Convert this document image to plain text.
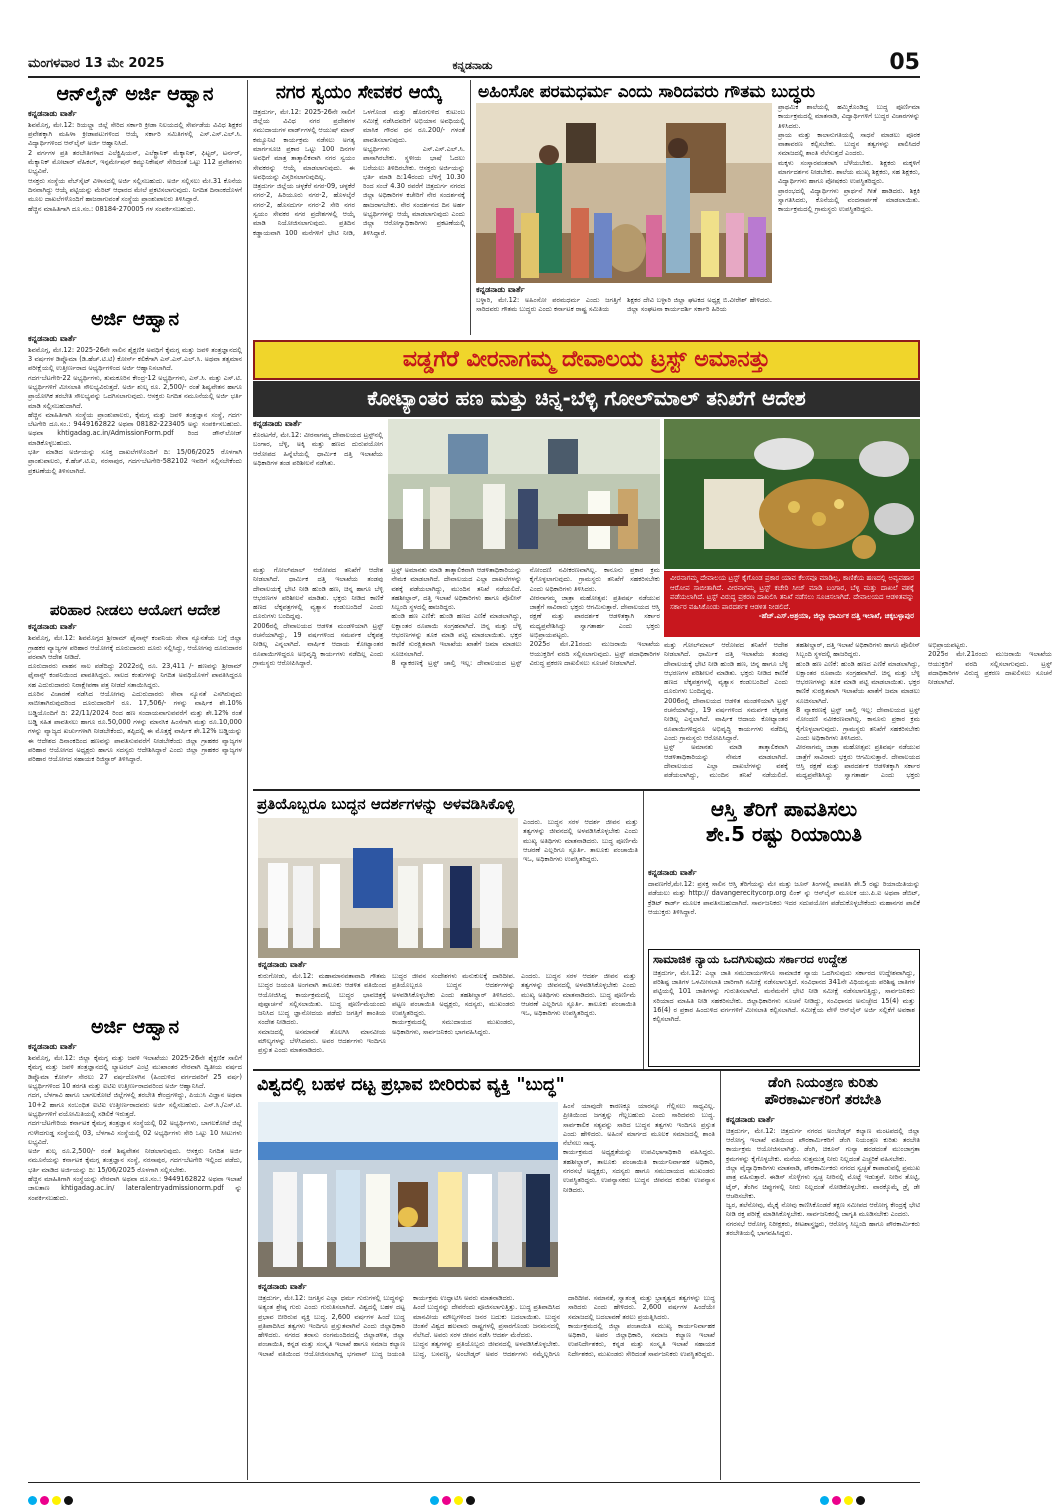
ಮಂಗಳವಾರ 13 ಮೇ 2025	ಕನ್ನಡನಾಡು	05
ಆನ್‌ಲೈನ್ ಅರ್ಜಿ ಆಹ್ವಾನ
ಕನ್ನಡನಾಡು ವಾರ್ತೆ
ಶಿವಮೊಗ್ಗ, ಮೇ.12: ರಿಯಲ್ಲ್ಲಾ ಜಿಲ್ಲೆ ಸೇರಿದ ಸರ್ಕಾರಿ ಕ್ರೀಡಾ ನಿಲಯದಲ್ಲಿ ಸೇರ್ಪಡೆಯ ವಿವಿಧ ಶಿಕ್ಷಕರ ಪ್ರವೇಶಕ್ಕಾಗಿ ಮಹಿಳಾ ಕ್ರೀಡಾಪಟುಗಳಿಂದ ಆಯ್ಕೆ ಸರ್ಕಾರಿ ಸಮಿತಿಗಳಲ್ಲಿ ಎಸ್.ಎಸ್.ಎಲ್.ಸಿ. ವಿದ್ಯಾರ್ಥಿಗಳಿಂದ ಆನ್‌ಲೈನ್ ಅರ್ಜಿ ಆಹ್ವಾನಿಸಿದೆ.
2 ವರ್ಗಗಳ ಪ್ರತಿ ತರಬೇತಿಗಳಾದ ಎಲೆಕ್ಟ್ರಿಷಿಯನ್, ಎಲೆಕ್ಟ್ರಾನಿಕ್ ಮೆಕ್ಯಾನಿಕ್, ಫಿಟ್ಟರ್, ಟರ್ನರ್, ಮೆಕ್ಯಾನಿಕ್ ಮೋಟಾರ್ ವೆಹಿಕಲ್, ಇನ್ಫರ್ಮೇಷನ್ ಕಮ್ಯುನಿಕೇಷನ್ ಸೇರಿದಂತೆ ಒಟ್ಟು 112 ಪ್ರವೇಶಗಳು ಲಭ್ಯವಿವೆ.
ಆಸಕ್ತರು ಸಂಸ್ಥೆಯ ವೆಬ್‌ಸೈಟ್ ವಿಳಾಸದಲ್ಲಿ ಅರ್ಜಿ ಸಲ್ಲಿಸಬಹುದು. ಅರ್ಜಿ ಸಲ್ಲಿಸಲು ಮೇ.31 ಕೊನೆಯ ದಿನವಾಗಿದ್ದು ಆಯ್ಕೆ ಪಟ್ಟಿಯನ್ನು ಮೆರಿಟ್ ಆಧಾರದ ಮೇಲೆ ಪ್ರಕಟಿಸಲಾಗುವುದು. ನಿಗದಿತ ದಿನಾಂಕದೊಳಗೆ ಮೂಲ ದಾಖಲೆಗಳೊಂದಿಗೆ ಹಾಜರಾಗುವಂತೆ ಸಂಸ್ಥೆಯ ಪ್ರಾಂಶುಪಾಲರು ತಿಳಿಸಿದ್ದಾರೆ.
ಹೆಚ್ಚಿನ ಮಾಹಿತಿಗಾಗಿ ದೂ.ಸಂ.: 08184-270005 ಗಳ ಸಂಪರ್ಕಿಸಬಹುದು.
ಅರ್ಜಿ ಆಹ್ವಾನ
ಕನ್ನಡನಾಡು ವಾರ್ತೆ
ಶಿವಮೊಗ್ಗ, ಮೇ.12: 2025-26ನೇ ಸಾಲಿನ ಶೈಕ್ಷಣಿಕ ಅವಧಿಗೆ ಕೈಮಗ್ಗ ಮತ್ತು ಜವಳಿ ತಂತ್ರಜ್ಞಾನದಲ್ಲಿ 3 ವರ್ಷಗಳ ಡಿಪ್ಲೊಮಾ (ಡಿ.ಹೆಚ್.ಟಿ.ಟಿ) ಕೋರ್ಸ್ ಕಲಿಕೆಗಾಗಿ ಎಸ್.ಎಸ್.ಎಲ್.ಸಿ. ಅಥವಾ ತತ್ಸಮಾನ ಪರೀಕ್ಷೆಯಲ್ಲಿ ಉತ್ತೀರ್ಣರಾದ ಅಭ್ಯರ್ಥಿಗಳಿಂದ ಅರ್ಜಿ ಆಹ್ವಾನಿಸಲಾಗಿದೆ.
ಗದಗ-ಬೆಟಗೇರಿ-22 ಅಭ್ಯರ್ಥಿಗಳು, ತುಮಕೂರಿನ ಕೇಂದ್ರ-12 ಅಭ್ಯರ್ಥಿಗಳು, ಎಸ್.ಸಿ. ಮತ್ತು ಎಸ್.ಟಿ. ಅಭ್ಯರ್ಥಿಗಳಿಗೆ ಮೀಸಲಾತಿ ಸೌಲಭ್ಯವಿರುತ್ತದೆ. ಅರ್ಜಿ ಶುಲ್ಕ ರೂ. 2,500/- ರಂತೆ ಶಿಷ್ಯವೇತನ ಹಾಗೂ ಪ್ರಾಯೋಗಿಕ ತರಬೇತಿ ಸೌಲಭ್ಯವನ್ನು ಒದಗಿಸಲಾಗುವುದು. ಆಸಕ್ತರು ನಿಗದಿತ ನಮೂನೆಯಲ್ಲಿ ಅರ್ಜಿ ಭರ್ತಿ ಮಾಡಿ ಸಲ್ಲಿಸಬಹುದಾಗಿದೆ.
ಹೆಚ್ಚಿನ ಮಾಹಿತಿಗಾಗಿ ಸಂಸ್ಥೆಯ ಪ್ರಾಂಶುಪಾಲರು, ಕೈಮಗ್ಗ ಮತ್ತು ಜವಳಿ ತಂತ್ರಜ್ಞಾನ ಸಂಸ್ಥೆ, ಗದಗ-ಬೆಟಗೇರಿ ದೂ.ಸಂ.: 9449162822 ಅಥವಾ 08182-223405 ಅನ್ನು ಸಂಪರ್ಕಿಸಬಹುದು. ಅಥವಾ khtigadag.ac.in/AdmissionForm.pdf ರಿಂದ ಡೌನ್‌ಲೋಡ್ ಮಾಡಿಕೊಳ್ಳಬಹುದು.
ಭರ್ತಿ ಮಾಡಿದ ಅರ್ಜಿಯನ್ನು ಸೂಕ್ತ ದಾಖಲೆಗಳೊಂದಿಗೆ ದಿ: 15/06/2025 ರೊಳಗಾಗಿ ಪ್ರಾಂಶುಪಾಲರು, ಕೆ.ಹೆಚ್.ಟಿ.ಐ, ನರಸಾಪುರ, ಗದಗ-ಬೆಟಗೇರಿ-582102 ಇವರಿಗೆ ಸಲ್ಲಿಸಬೇಕೆಂದು ಪ್ರಕಟಣೆಯಲ್ಲಿ ತಿಳಿಸಲಾಗಿದೆ.
ಪರಿಹಾರ ನೀಡಲು ಆಯೋಗ ಆದೇಶ
ಕನ್ನಡನಾಡು ವಾರ್ತೆ
ಶಿವಮೊಗ್ಗ, ಮೇ.12: ಶಿವಮೊಗ್ಗದ ಶ್ರೀರಾಮ್ ಫೈನಾನ್ಸ್ ಕಂಪನಿಯ ಸೇವಾ ನ್ಯೂನತೆಯ ಬಗ್ಗೆ ಜಿಲ್ಲಾ ಗ್ರಾಹಕರ ವ್ಯಾಜ್ಯಗಳ ಪರಿಹಾರ ಆಯೋಗಕ್ಕೆ ದೂರುದಾರರು ದೂರು ಸಲ್ಲಿಸಿದ್ದು, ಆಯೋಗವು ದೂರುದಾರರ ಪರವಾಗಿ ಆದೇಶ ನೀಡಿದೆ.
ದೂರುದಾರರು ವಾಹನ ಸಾಲ ಪಡೆದಿದ್ದು 2022ರಲ್ಲಿ ರೂ. 23,411 /- ಹಣವನ್ನು ಶ್ರೀರಾಮ್ ಫೈನಾನ್ಸ್ ಕಂಪನಿಯಿಂದ ಪಾವತಿಸಿದ್ದರು. ಸಾಲದ ಕಂತುಗಳನ್ನು ನಿಗದಿತ ಅವಧಿಯೊಳಗೆ ಪಾವತಿಸಿದ್ದರೂ ಸಹ ಎದುರುದಾರರು ನಿರಾಕ್ಷೇಪಣಾ ಪತ್ರ ನೀಡದೆ ಸತಾಯಿಸಿದ್ದರು.
ದೂರಿನ ವಿಚಾರಣೆ ನಡೆಸಿದ ಆಯೋಗವು ಎದುರುದಾರರು ಸೇವಾ ನ್ಯೂನತೆ ಎಸಗಿರುವುದು ಸಾಬೀತಾಗಿರುವುದರಿಂದ ದೂರುದಾರರಿಗೆ ರೂ. 17,506/- ಗಳನ್ನು ವಾರ್ಷಿಕ ಶೇ.10% ಬಡ್ಡಿಯೊಂದಿಗೆ ದಿ: 22/11/2024 ರಿಂದ ಹಣ ಸಂದಾಯವಾಗುವವರೆಗೆ ಮತ್ತು ಶೇ.12% ರಂತೆ ಬಡ್ಡಿ ಸಹಿತ ಪಾವತಿಸಲು ಹಾಗೂ ರೂ.50,000 ಗಳನ್ನು ಮಾನಸಿಕ ಹಿಂಸೆಗಾಗಿ ಮತ್ತು ರೂ.10,000 ಗಳನ್ನು ವ್ಯಾಜ್ಯದ ಖರ್ಚುಗಳಾಗಿ ನೀಡಬೇಕೆಂದು, ತಪ್ಪಿದಲ್ಲಿ ಈ ಮೊತ್ತಕ್ಕೆ ವಾರ್ಷಿಕ ಶೇ.12% ಬಡ್ಡಿಯನ್ನು ಈ ಆದೇಶದ ದಿನಾಂಕದಿಂದ ಹಣವನ್ನು ಪಾವತಿಸುವವರೆಗೆ ನೀಡಬೇಕೆಂದು ಜಿಲ್ಲಾ ಗ್ರಾಹಕರ ವ್ಯಾಜ್ಯಗಳ ಪರಿಹಾರ ಆಯೋಗದ ಅಧ್ಯಕ್ಷರು ಹಾಗೂ ಸದಸ್ಯರು ಆದೇಶಿಸಿದ್ದಾರೆ ಎಂದು ಜಿಲ್ಲಾ ಗ್ರಾಹಕರ ವ್ಯಾಜ್ಯಗಳ ಪರಿಹಾರ ಆಯೋಗದ ಸಹಾಯಕ ರಿಜಿಸ್ಟ್ರಾರ್ ತಿಳಿಸಿದ್ದಾರೆ.
ಅರ್ಜಿ ಆಹ್ವಾನ
ಕನ್ನಡನಾಡು ವಾರ್ತೆ
ಶಿವಮೊಗ್ಗ, ಮೇ.12: ಜಿಲ್ಲಾ ಕೈಮಗ್ಗ ಮತ್ತು ಜವಳಿ ಇಲಾಖೆಯು 2025-26ನೇ ಶೈಕ್ಷಣಿಕ ಸಾಲಿಗೆ ಕೈಮಗ್ಗ ಮತ್ತು ಜವಳಿ ತಂತ್ರಜ್ಞಾನದಲ್ಲಿ ಲ್ಯಾಟರಲ್ ಎಂಟ್ರಿ ಮುಖಾಂತರ ನೇರವಾಗಿ ದ್ವಿತೀಯ ವರ್ಷದ ಡಿಪ್ಲೊಮಾ ಕೋರ್ಸ್ ಸೇರಲು 27 ವರ್ಷದೊಳಗಿನ (ಹಿಂದುಳಿದ ವರ್ಗದವರಿಗೆ 25 ವರ್ಷ) ಅಭ್ಯರ್ಥಿಗಳಿಂದ 10 ತರಗತಿ ಮತ್ತು ಐಟಿಐ ಉತ್ತೀರ್ಣರಾದವರಿಂದ ಅರ್ಜಿ ಆಹ್ವಾನಿಸಿದೆ.
ಗದಗ, ಬೆಳಗಾವಿ ಹಾಗೂ ಬಾಗಲಕೋಟೆ ಜಿಲ್ಲೆಗಳಲ್ಲಿ ತರಬೇತಿ ಕೇಂದ್ರಗಳಿದ್ದು, ಪಿಯುಸಿ ವಿಜ್ಞಾನ ಅಥವಾ 10+2 ಹಾಗೂ ಸಂಬಂಧಿತ ಐಟಿಐ ಉತ್ತೀರ್ಣರಾದವರು ಅರ್ಜಿ ಸಲ್ಲಿಸಬಹುದು. ಎಸ್.ಸಿ./ಎಸ್.ಟಿ. ಅಭ್ಯರ್ಥಿಗಳಿಗೆ ವಯೋಮಿತಿಯಲ್ಲಿ ಸಡಿಲಿಕೆ ಇರುತ್ತದೆ.
ಗದಗ-ಬೆಟಗೇರಿಯ ಕರ್ನಾಟಕ ಕೈಮಗ್ಗ ತಂತ್ರಜ್ಞಾನ ಸಂಸ್ಥೆಯಲ್ಲಿ 02 ಅಭ್ಯರ್ಥಿಗಳು, ಬಾಗಲಕೋಟೆ ಜಿಲ್ಲೆ ಗುಳೇದಗುಡ್ಡ ಸಂಸ್ಥೆಯಲ್ಲಿ 03, ಬೆಳಗಾವಿ ಸಂಸ್ಥೆಯಲ್ಲಿ 02 ಅಭ್ಯರ್ಥಿಗಳು ಸೇರಿ ಒಟ್ಟು 10 ಸೀಟುಗಳು ಲಭ್ಯವಿದೆ.
ಅರ್ಜಿ ಶುಲ್ಕ ರೂ.2,500/- ರಂತೆ ಶಿಷ್ಯವೇತನ ನೀಡಲಾಗುವುದು. ಆಸಕ್ತರು ನಿಗದಿತ ಅರ್ಜಿ ನಮೂನೆಯನ್ನು ಕರ್ನಾಟಕ ಕೈಮಗ್ಗ ತಂತ್ರಜ್ಞಾನ ಸಂಸ್ಥೆ, ನರಸಾಪುರ, ಗದಗ-ಬೆಟಗೇರಿ ಇಲ್ಲಿಂದ ಪಡೆದು, ಭರ್ತಿ ಮಾಡಿದ ಅರ್ಜಿಯನ್ನು ದಿ: 15/06/2025 ರೊಳಗಾಗಿ ಸಲ್ಲಿಸಬೇಕು.
ಹೆಚ್ಚಿನ ಮಾಹಿತಿಗಾಗಿ ಸಂಸ್ಥೆಯನ್ನು ನೇರವಾಗಿ ಅಥವಾ ದೂ.ಸಂ.: 9449162822 ಅಥವಾ ಇಲಾಖೆ ಜಾಲತಾಣ khtigadag.ac.in/ lateralentryadmissionorm.pdf ನ್ನು ಸಂಪರ್ಕಿಸಬಹುದು.
ನಗರ ಸ್ವಯಂ ಸೇವಕರ ಆಯ್ಕೆ
ಚಿತ್ರದುರ್ಗ, ಮೇ.12: 2025-26ನೇ ಸಾಲಿಗೆ ಜಿಲ್ಲೆಯ ವಿವಿಧ ನಗರ ಪ್ರದೇಶಗಳ ಸಮುದಾಯಗಳ ವಾರ್ಡ್‌ಗಳಲ್ಲಿ ಆಯುಷ್ ಮಾನ್ ಕಮ್ಯೂನಿಟಿ ಕಾರ್ಯಕ್ರಮ ನಡೆಸಲು ಅಗತ್ಯ ಮಾರ್ಗಸೂಚಿ ಪ್ರಕಾರ ಒಟ್ಟು 100 ದಿನಗಳ ಅವಧಿಗೆ ಮಾತ್ರ ತಾತ್ಕಾಲಿಕವಾಗಿ ನಗರ ಸ್ವಯಂ ಸೇವಕರನ್ನು ಆಯ್ಕೆ ಮಾಡಲಾಗುವುದು. ಈ ಅವಧಿಯನ್ನು ವಿಸ್ತರಿಸಲಾಗುವುದಿಲ್ಲ.
ಚಿತ್ರದುರ್ಗ ಜಿಲ್ಲೆಯ ಚಳ್ಳಕೆರೆ ನಗರ-09, ಚಳ್ಳಕೆರೆ ನಗರ-2, ಹಿರಿಯೂರು ನಗರ-2, ಹೊಳಲ್ಕೆರೆ ನಗರ-2, ಹೊಸದುರ್ಗ ನಗರ-2 ಸೇರಿ ನಗರ ಸ್ವಯಂ ಸೇವಕರ ನಗರ ಪ್ರದೇಶಗಳಲ್ಲಿ ಆಯ್ಕೆ ಮಾಡಿ ನಿಯೋಜಿಸಲಾಗುವುದು. ಪ್ರತಿದಿನ ಕಡ್ಡಾಯವಾಗಿ 100 ಮನೆಗಳಿಗೆ ಭೇಟಿ ನೀಡಿ, ಒಳಗೊಂಡ ಮತ್ತು ಹೊರಗುಳಿದ ಕುಟುಂಬ ಸಮೀಕ್ಷೆ ನಡೆಸಿದವರಿಗೆ ಅಭಿಯಾನ ಅವಧಿಯಲ್ಲಿ ಮಾಸಿಕ ಗೌರವ ಧನ ರೂ.200/- ಗಳಂತೆ ಪಾವತಿಸಲಾಗುವುದು.
ಅಭ್ಯರ್ಥಿಗಳು ಎಸ್.ಎಸ್.ಎಲ್.ಸಿ. ಪಾಸಾಗಿರಬೇಕು. ಸ್ಥಳೀಯ ಭಾಷೆ ಓದಲು ಬರೆಯಲು ತಿಳಿದಿರಬೇಕು. ಆಸಕ್ತರು ಅರ್ಜಿಯನ್ನು ಭರ್ತಿ ಮಾಡಿ ದಿ:14ರಂದು ಬೆಳಿಗ್ಗೆ 10.30 ರಿಂದ ಸಂಜೆ 4.30 ರವರೆಗೆ ಚಿತ್ರದುರ್ಗ ನಗರದ ಜಿಲ್ಲಾ ಅಧಿಕಾರಿಗಳ ಕಚೇರಿಗೆ ನೇರ ಸಂದರ್ಶನಕ್ಕೆ ಹಾಜರಾಗಬೇಕು. ನೇರ ಸಂದರ್ಶನದ ದಿನ ಅರ್ಹ ಅಭ್ಯರ್ಥಿಗಳನ್ನು ಆಯ್ಕೆ ಮಾಡಲಾಗುವುದು ಎಂದು ಜಿಲ್ಲಾ ಆರೋಗ್ಯಾಧಿಕಾರಿಗಳು ಪ್ರಕಟಣೆಯಲ್ಲಿ ತಿಳಿಸಿದ್ದಾರೆ.
ಅಹಿಂಸೋ ಪರಮಧರ್ಮ ಎಂದು ಸಾರಿದವರು ಗೌತಮ ಬುದ್ಧರು
ಕನ್ನಡನಾಡು ವಾರ್ತೆ
ಬಳ್ಳಾರಿ, ಮೇ.12: ಅಹಿಂಸೋ ಪರಮಧರ್ಮ ಎಂದು ಜಗತ್ತಿಗೆ ಸಾರಿದವರು ಗೌತಮ ಬುದ್ಧರು ಎಂದು ಕರ್ನಾಟಕ ರಾಷ್ಟ್ರ ಸಮಿತಿಯ
ಶಿಕ್ಷಕರ ದೇವಿ ಬಳ್ಳಾರಿ ಜಿಲ್ಲಾ ಘಟಕದ ಅಧ್ಯಕ್ಷ ಬಿ.ವೀರೇಶ್ ಹೇಳಿದರು. ಜಿಲ್ಲಾ ಸಂಘಟನಾ ಕಾರ್ಯದರ್ಶಿ ಸರ್ಕಾರಿ ಹಿರಿಯ
ಪ್ರಾಥಮಿಕ ಶಾಲೆಯಲ್ಲಿ ಹಮ್ಮಿಕೊಂಡಿದ್ದ ಬುದ್ಧ ಪೂರ್ಣಿಮಾ ಕಾರ್ಯಕ್ರಮದಲ್ಲಿ ಮಾತನಾಡಿ, ವಿದ್ಯಾರ್ಥಿಗಳಿಗೆ ಬುದ್ಧರ ವಿಚಾರಗಳನ್ನು ತಿಳಿಸಿದರು.
ಪ್ರಾಯ ಮತ್ತು ಕಾಲಾನುಗತಿಯಲ್ಲಿ ಸಾಧನೆ ಮಾಡಲು ಪೂರಕ ವಾತಾವರಣ ಕಲ್ಪಿಸಬೇಕು. ಬುದ್ಧನ ತತ್ವಗಳನ್ನು ಪಾಲಿಸಿದರೆ ಸಮಾಜದಲ್ಲಿ ಶಾಂತಿ ನೆಲೆಸುತ್ತದೆ ಎಂದರು.
ಮಕ್ಕಳು ಸಂಸ್ಕಾರವಂತರಾಗಿ ಬೆಳೆಯಬೇಕು. ಶಿಕ್ಷಕರು ಮಕ್ಕಳಿಗೆ ಮಾರ್ಗದರ್ಶನ ನೀಡಬೇಕು. ಶಾಲೆಯ ಮುಖ್ಯ ಶಿಕ್ಷಕರು, ಸಹ ಶಿಕ್ಷಕರು, ವಿದ್ಯಾರ್ಥಿಗಳು ಹಾಗೂ ಪೋಷಕರು ಉಪಸ್ಥಿತರಿದ್ದರು.
ಪ್ರಾರಂಭದಲ್ಲಿ ವಿದ್ಯಾರ್ಥಿಗಳು ಪ್ರಾರ್ಥನೆ ಗೀತೆ ಹಾಡಿದರು. ಶಿಕ್ಷಕಿ ಸ್ವಾಗತಿಸಿದರು, ಕೊನೆಯಲ್ಲಿ ವಂದನಾರ್ಪಣೆ ಮಾಡಲಾಯಿತು. ಕಾರ್ಯಕ್ರಮದಲ್ಲಿ ಗ್ರಾಮಸ್ಥರು ಉಪಸ್ಥಿತರಿದ್ದರು.
ವಡ್ಡಗೆರೆ ವೀರನಾಗಮ್ಮ ದೇವಾಲಯ ಟ್ರಸ್ಟ್ ಅಮಾನತ್ತು
ಕೋಟ್ಯಾಂತರ ಹಣ ಮತ್ತು ಚಿನ್ನ-ಬೆಳ್ಳಿ ಗೋಲ್‌ಮಾಲ್ ತನಿಖೆಗೆ ಆದೇಶ
ಕನ್ನಡನಾಡು ವಾರ್ತೆ
ಕೊರಟಗೆರೆ, ಮೇ.12: ವೀರನಾಗಮ್ಮ ದೇವಾಲಯದ ಟ್ರಸ್ಟ್‌ನಲ್ಲಿ ಬಂಗಾರ, ಬೆಳ್ಳಿ, ಅಕ್ಕಿ ಮತ್ತು ಹಣದ ದುರುಪಯೋಗ ಆರೋಪದ ಹಿನ್ನೆಲೆಯಲ್ಲಿ ಧಾರ್ಮಿಕ ದತ್ತಿ ಇಲಾಖೆಯ ಅಧಿಕಾರಿಗಳ ತಂಡ ಪರಿಶೀಲನೆ ನಡೆಸಿತು.
ವೀರನಾಗಮ್ಮ ದೇವಾಲಯ ಟ್ರಸ್ಟ್ ಕೈಗೊಂಡ ಪ್ರಕಾರ ಯಾವ ಕೆಲಸವೂ ಮಾಡಿಲ್ಲ, ಕಾಣಿಕೆಯ ಹಣದಲ್ಲಿ ಅವ್ಯವಹಾರ ಆರೋಪ ಸಾಬೀತಾಗಿದೆ. ವೀರನಾಗಮ್ಮ ಟ್ರಸ್ಟ್ ಕಚೇರಿ ಸೀಜ್ ಮಾಡಿ ಬಂಗಾರ, ಬೆಳ್ಳಿ ಮತ್ತು ದಾಖಲೆ ವಶಕ್ಕೆ ಪಡೆಯಲಾಗಿದೆ. ಟ್ರಸ್ಟ್ ವಿರುದ್ಧ ಪ್ರಕರಣ ದಾಖಲಿಸಿ ತನಿಖೆ ನಡೆಸಲು ಸೂಚಿಸಲಾಗಿದೆ. ದೇವಾಲಯದ ಆಡಳಿತವನ್ನು ಸರ್ಕಾರ ವಹಿಸಿಕೊಂಡು ಪಾರದರ್ಶಕ ಆಡಳಿತ ನೀಡಲಿದೆ.
-ಹೆಚ್.ಎಸ್.ಅಶ್ರಯಾ, ಜಿಲ್ಲಾ ಧಾರ್ಮಿಕ ದತ್ತಿ ಇಲಾಖೆ, ಚಿಕ್ಕಬಳ್ಳಾಪುರ
ಮತ್ತು ಗೋಲ್‌ಮಾಲ್ ಆರೋಪದ ತನಿಖೆಗೆ ಆದೇಶ ನೀಡಲಾಗಿದೆ. ಧಾರ್ಮಿಕ ದತ್ತಿ ಇಲಾಖೆಯ ತಂಡವು ದೇವಾಲಯಕ್ಕೆ ಭೇಟಿ ನೀಡಿ ಹುಂಡಿ ಹಣ, ಚಿನ್ನ ಹಾಗೂ ಬೆಳ್ಳಿ ಆಭರಣಗಳ ಪರಿಶೀಲನೆ ಮಾಡಿತು. ಭಕ್ತರು ನೀಡಿದ ಕಾಣಿಕೆ ಹಣದ ಲೆಕ್ಕಪತ್ರಗಳಲ್ಲಿ ವ್ಯತ್ಯಾಸ ಕಂಡುಬಂದಿದೆ ಎಂದು ದೂರುಗಳು ಬಂದಿದ್ದವು.
2006ರಲ್ಲಿ ದೇವಾಲಯದ ಆಡಳಿತ ಮಂಡಳಿಯಾಗಿ ಟ್ರಸ್ಟ್ ರಚನೆಯಾಗಿದ್ದು, 19 ವರ್ಷಗಳಿಂದ ಸಮರ್ಪಕ ಲೆಕ್ಕಪತ್ರ ನೀಡಿಲ್ಲ ಎನ್ನಲಾಗಿದೆ. ವಾರ್ಷಿಕ ಆದಾಯ ಕೋಟ್ಯಾಂತರ ರೂಪಾಯಿಗಳಿದ್ದರೂ ಅಭಿವೃದ್ಧಿ ಕಾರ್ಯಗಳು ನಡೆದಿಲ್ಲ ಎಂದು ಗ್ರಾಮಸ್ಥರು ಆರೋಪಿಸಿದ್ದಾರೆ.
ಟ್ರಸ್ಟ್ ಅಮಾನತು ಮಾಡಿ ತಾತ್ಕಾಲಿಕವಾಗಿ ಆಡಳಿತಾಧಿಕಾರಿಯನ್ನು ನೇಮಕ ಮಾಡಲಾಗಿದೆ. ದೇವಾಲಯದ ಎಲ್ಲಾ ದಾಖಲೆಗಳನ್ನು ವಶಕ್ಕೆ ಪಡೆಯಲಾಗಿದ್ದು, ಮುಂದಿನ ತನಿಖೆ ನಡೆಯಲಿದೆ. ತಹಶೀಲ್ದಾರ್, ದತ್ತಿ ಇಲಾಖೆ ಅಧಿಕಾರಿಗಳು ಹಾಗೂ ಪೊಲೀಸ್ ಸಿಬ್ಬಂದಿ ಸ್ಥಳದಲ್ಲಿ ಹಾಜರಿದ್ದರು.
ಹುಂಡಿ ಹಣ ಎಣಿಕೆ: ಹುಂಡಿ ಹಣದ ಎಣಿಕೆ ಮಾಡಲಾಗಿದ್ದು, ಲಕ್ಷಾಂತರ ರೂಪಾಯಿ ಸಂಗ್ರಹವಾಗಿದೆ. ಚಿನ್ನ ಮತ್ತು ಬೆಳ್ಳಿ ಆಭರಣಗಳನ್ನು ತೂಕ ಮಾಡಿ ಪಟ್ಟಿ ಮಾಡಲಾಯಿತು. ಭಕ್ತರ ಕಾಣಿಕೆ ಸುರಕ್ಷಿತವಾಗಿ ಇಲಾಖೆಯ ಖಾತೆಗೆ ಜಮಾ ಮಾಡಲು ಸೂಚಿಸಲಾಗಿದೆ.
8 ವ್ಯಾಕರಣಕ್ಕೆ ಟ್ರಸ್ಟ್ ಚಾಲ್ತಿ ಇಲ್ಲ: ದೇವಾಲಯದ ಟ್ರಸ್ಟ್ ನೋಂದಣಿ ನವೀಕರಣವಾಗಿಲ್ಲ. ಕಾನೂನು ಪ್ರಕಾರ ಕ್ರಮ ಕೈಗೊಳ್ಳಲಾಗುವುದು. ಗ್ರಾಮಸ್ಥರು ತನಿಖೆಗೆ ಸಹಕರಿಸಬೇಕು ಎಂದು ಅಧಿಕಾರಿಗಳು ತಿಳಿಸಿದರು.
ವೀರನಾಗಮ್ಮ ಜಾತ್ರಾ ಮಹೋತ್ಸವ: ಪ್ರತಿವರ್ಷ ನಡೆಯುವ ಜಾತ್ರೆಗೆ ಸಾವಿರಾರು ಭಕ್ತರು ಆಗಮಿಸುತ್ತಾರೆ. ದೇವಾಲಯದ ಆಸ್ತಿ ರಕ್ಷಣೆ ಮತ್ತು ಪಾರದರ್ಶಕ ಆಡಳಿತಕ್ಕಾಗಿ ಸರ್ಕಾರ ಮಧ್ಯಪ್ರವೇಶಿಸಿದ್ದು ಸ್ವಾಗತಾರ್ಹ ಎಂದು ಭಕ್ತರು ಅಭಿಪ್ರಾಯಪಟ್ಟರು.
2025ರ ಮೇ.21ರಂದು ಮುಜರಾಯಿ ಇಲಾಖೆಯ ಆಯುಕ್ತರಿಗೆ ವರದಿ ಸಲ್ಲಿಸಲಾಗುವುದು. ಟ್ರಸ್ಟ್ ಪದಾಧಿಕಾರಿಗಳ ವಿರುದ್ಧ ಪ್ರಕರಣ ದಾಖಲಿಸಲು ಸೂಚನೆ ನೀಡಲಾಗಿದೆ.
ಮತ್ತು ಗೋಲ್‌ಮಾಲ್ ಆರೋಪದ ತನಿಖೆಗೆ ಆದೇಶ ನೀಡಲಾಗಿದೆ. ಧಾರ್ಮಿಕ ದತ್ತಿ ಇಲಾಖೆಯ ತಂಡವು ದೇವಾಲಯಕ್ಕೆ ಭೇಟಿ ನೀಡಿ ಹುಂಡಿ ಹಣ, ಚಿನ್ನ ಹಾಗೂ ಬೆಳ್ಳಿ ಆಭರಣಗಳ ಪರಿಶೀಲನೆ ಮಾಡಿತು. ಭಕ್ತರು ನೀಡಿದ ಕಾಣಿಕೆ ಹಣದ ಲೆಕ್ಕಪತ್ರಗಳಲ್ಲಿ ವ್ಯತ್ಯಾಸ ಕಂಡುಬಂದಿದೆ ಎಂದು ದೂರುಗಳು ಬಂದಿದ್ದವು.
2006ರಲ್ಲಿ ದೇವಾಲಯದ ಆಡಳಿತ ಮಂಡಳಿಯಾಗಿ ಟ್ರಸ್ಟ್ ರಚನೆಯಾಗಿದ್ದು, 19 ವರ್ಷಗಳಿಂದ ಸಮರ್ಪಕ ಲೆಕ್ಕಪತ್ರ ನೀಡಿಲ್ಲ ಎನ್ನಲಾಗಿದೆ. ವಾರ್ಷಿಕ ಆದಾಯ ಕೋಟ್ಯಾಂತರ ರೂಪಾಯಿಗಳಿದ್ದರೂ ಅಭಿವೃದ್ಧಿ ಕಾರ್ಯಗಳು ನಡೆದಿಲ್ಲ ಎಂದು ಗ್ರಾಮಸ್ಥರು ಆರೋಪಿಸಿದ್ದಾರೆ.
ಟ್ರಸ್ಟ್ ಅಮಾನತು ಮಾಡಿ ತಾತ್ಕಾಲಿಕವಾಗಿ ಆಡಳಿತಾಧಿಕಾರಿಯನ್ನು ನೇಮಕ ಮಾಡಲಾಗಿದೆ. ದೇವಾಲಯದ ಎಲ್ಲಾ ದಾಖಲೆಗಳನ್ನು ವಶಕ್ಕೆ ಪಡೆಯಲಾಗಿದ್ದು, ಮುಂದಿನ ತನಿಖೆ ನಡೆಯಲಿದೆ. ತಹಶೀಲ್ದಾರ್, ದತ್ತಿ ಇಲಾಖೆ ಅಧಿಕಾರಿಗಳು ಹಾಗೂ ಪೊಲೀಸ್ ಸಿಬ್ಬಂದಿ ಸ್ಥಳದಲ್ಲಿ ಹಾಜರಿದ್ದರು.
ಹುಂಡಿ ಹಣ ಎಣಿಕೆ: ಹುಂಡಿ ಹಣದ ಎಣಿಕೆ ಮಾಡಲಾಗಿದ್ದು, ಲಕ್ಷಾಂತರ ರೂಪಾಯಿ ಸಂಗ್ರಹವಾಗಿದೆ. ಚಿನ್ನ ಮತ್ತು ಬೆಳ್ಳಿ ಆಭರಣಗಳನ್ನು ತೂಕ ಮಾಡಿ ಪಟ್ಟಿ ಮಾಡಲಾಯಿತು. ಭಕ್ತರ ಕಾಣಿಕೆ ಸುರಕ್ಷಿತವಾಗಿ ಇಲಾಖೆಯ ಖಾತೆಗೆ ಜಮಾ ಮಾಡಲು ಸೂಚಿಸಲಾಗಿದೆ.
8 ವ್ಯಾಕರಣಕ್ಕೆ ಟ್ರಸ್ಟ್ ಚಾಲ್ತಿ ಇಲ್ಲ: ದೇವಾಲಯದ ಟ್ರಸ್ಟ್ ನೋಂದಣಿ ನವೀಕರಣವಾಗಿಲ್ಲ. ಕಾನೂನು ಪ್ರಕಾರ ಕ್ರಮ ಕೈಗೊಳ್ಳಲಾಗುವುದು. ಗ್ರಾಮಸ್ಥರು ತನಿಖೆಗೆ ಸಹಕರಿಸಬೇಕು ಎಂದು ಅಧಿಕಾರಿಗಳು ತಿಳಿಸಿದರು.
ವೀರನಾಗಮ್ಮ ಜಾತ್ರಾ ಮಹೋತ್ಸವ: ಪ್ರತಿವರ್ಷ ನಡೆಯುವ ಜಾತ್ರೆಗೆ ಸಾವಿರಾರು ಭಕ್ತರು ಆಗಮಿಸುತ್ತಾರೆ. ದೇವಾಲಯದ ಆಸ್ತಿ ರಕ್ಷಣೆ ಮತ್ತು ಪಾರದರ್ಶಕ ಆಡಳಿತಕ್ಕಾಗಿ ಸರ್ಕಾರ ಮಧ್ಯಪ್ರವೇಶಿಸಿದ್ದು ಸ್ವಾಗತಾರ್ಹ ಎಂದು ಭಕ್ತರು ಅಭಿಪ್ರಾಯಪಟ್ಟರು.
2025ರ ಮೇ.21ರಂದು ಮುಜರಾಯಿ ಇಲಾಖೆಯ ಆಯುಕ್ತರಿಗೆ ವರದಿ ಸಲ್ಲಿಸಲಾಗುವುದು. ಟ್ರಸ್ಟ್ ಪದಾಧಿಕಾರಿಗಳ ವಿರುದ್ಧ ಪ್ರಕರಣ ದಾಖಲಿಸಲು ಸೂಚನೆ ನೀಡಲಾಗಿದೆ.
ಪ್ರತಿಯೊಬ್ಬರೂ ಬುದ್ಧನ ಆದರ್ಶಗಳನ್ನು ಅಳವಡಿಸಿಕೊಳ್ಳಿ
ಎಂದರು. ಬುದ್ಧನ ಸರಳ ಆದರ್ಶ ಜೀವನ ಮತ್ತು ತತ್ವಗಳನ್ನು ಜೀವನದಲ್ಲಿ ಅಳವಡಿಸಿಕೊಳ್ಳಬೇಕು ಎಂದು ಮುಖ್ಯ ಅತಿಥಿಗಳು ಮಾತನಾಡಿದರು. ಬುದ್ಧ ಪೂರ್ಣಿಮೆ ಆಚರಣೆ ಎಲ್ಲರಿಗೂ ಸ್ಫೂರ್ತಿ. ತಾಲೂಕು ಪಂಚಾಯಿತಿ ಇಒ, ಅಧಿಕಾರಿಗಳು ಉಪಸ್ಥಿತರಿದ್ದರು.
ಕನ್ನಡನಾಡು ವಾರ್ತೆ
ಕುರುಗೋಡು, ಮೇ.12: ಮಹಾಮಾನವತಾವಾದಿ ಗೌತಮ ಬುದ್ಧರ ಜಯಂತಿ ಅಂಗವಾಗಿ ತಾಲೂಕು ಆಡಳಿತ ವತಿಯಿಂದ ಆಯೋಜಿಸಿದ್ದ ಕಾರ್ಯಕ್ರಮದಲ್ಲಿ ಬುದ್ಧರ ಭಾವಚಿತ್ರಕ್ಕೆ ಪುಷ್ಪಾರ್ಚನೆ ಸಲ್ಲಿಸಲಾಯಿತು. ಬುದ್ಧ ಪೂರ್ಣಿಮೆಯಂದು ಜನಿಸಿದ ಬುದ್ಧ ಜ್ಞಾನೋದಯ ಪಡೆದು ಜಗತ್ತಿಗೆ ಶಾಂತಿಯ ಸಂದೇಶ ನೀಡಿದರು.
ಸಮಾಜದಲ್ಲಿ ಅಸಮಾನತೆ ತೊಲಗಿಸಿ ಮಾನವೀಯ ಮೌಲ್ಯಗಳನ್ನು ಬೆಳೆಸಿದವರು. ಅವರ ಆದರ್ಶಗಳು ಇಂದಿಗೂ ಪ್ರಸ್ತುತ ಎಂದು ಮಾತನಾಡಿದರು.
ಬುದ್ಧರ ಜೀವನ ಸಂದೇಶಗಳು ಮನುಕುಲಕ್ಕೆ ದಾರಿದೀಪ. ಪ್ರತಿಯೊಬ್ಬರೂ ಬುದ್ಧನ ಆದರ್ಶಗಳನ್ನು ಅಳವಡಿಸಿಕೊಳ್ಳಬೇಕು ಎಂದು ತಹಶೀಲ್ದಾರ್ ತಿಳಿಸಿದರು. ಪಟ್ಟಣ ಪಂಚಾಯಿತಿ ಅಧ್ಯಕ್ಷರು, ಸದಸ್ಯರು, ಮುಖಂಡರು ಉಪಸ್ಥಿತರಿದ್ದರು.
ಕಾರ್ಯಕ್ರಮದಲ್ಲಿ ಸಮುದಾಯದ ಮುಖಂಡರು, ಅಧಿಕಾರಿಗಳು, ಸಾರ್ವಜನಿಕರು ಭಾಗವಹಿಸಿದ್ದರು.
ಎಂದರು. ಬುದ್ಧನ ಸರಳ ಆದರ್ಶ ಜೀವನ ಮತ್ತು ತತ್ವಗಳನ್ನು ಜೀವನದಲ್ಲಿ ಅಳವಡಿಸಿಕೊಳ್ಳಬೇಕು ಎಂದು ಮುಖ್ಯ ಅತಿಥಿಗಳು ಮಾತನಾಡಿದರು. ಬುದ್ಧ ಪೂರ್ಣಿಮೆ ಆಚರಣೆ ಎಲ್ಲರಿಗೂ ಸ್ಫೂರ್ತಿ. ತಾಲೂಕು ಪಂಚಾಯಿತಿ ಇಒ, ಅಧಿಕಾರಿಗಳು ಉಪಸ್ಥಿತರಿದ್ದರು.
ಆಸ್ತಿ ತೆರಿಗೆ ಪಾವತಿಸಲು
ಶೇ.5 ರಷ್ಟು ರಿಯಾಯಿತಿ
ಕನ್ನಡನಾಡು ವಾರ್ತೆ
ದಾವಣಗೆರೆ,ಮೇ.12: ಪ್ರಸಕ್ತ ಸಾಲಿನ ಆಸ್ತಿ ತೆರಿಗೆಯನ್ನು ಮೇ ಮತ್ತು ಜೂನ್ ತಿಂಗಳಲ್ಲಿ ಪಾವತಿಸಿ ಶೇ.5 ರಷ್ಟು ರಿಯಾಯಿತಿಯನ್ನು ಪಡೆಯಲು ಮತ್ತು http:// davangerecitycorp.org ಲಿಂಕ್ ನ್ನು ಆನ್‌ಲೈನ್ ಮೂಲಕ ಯು.ಪಿ.ಐ ಅಥವಾ ಡೆಬಿಟ್, ಕ್ರೆಡಿಟ್ ಕಾರ್ಡ್ ಮೂಲಕ ಪಾವತಿಸಬಹುದಾಗಿದೆ. ಸಾರ್ವಜನಿಕರು ಇದರ ಸದುಪಯೋಗ ಪಡೆದುಕೊಳ್ಳಬೇಕೆಂದು ಮಹಾನಗರ ಪಾಲಿಕೆ ಆಯುಕ್ತರು ತಿಳಿಸಿದ್ದಾರೆ.
ಸಾಮಾಜಿಕ ನ್ಯಾಯ ಒದಗಿಸುವುದು ಸರ್ಕಾರದ ಉದ್ದೇಶ
ಚಿತ್ರದುರ್ಗ, ಮೇ.12: ಎಲ್ಲಾ ಜಾತಿ ಸಮುದಾಯಗಳಿಗೂ ಸಾಮಾಜಿಕ ನ್ಯಾಯ ಒದಗಿಸುವುದು ಸರ್ಕಾರದ ಉದ್ದೇಶವಾಗಿದ್ದು, ಪರಿಶಿಷ್ಟ ಜಾತಿಗಳ ಒಳಮೀಸಲಾತಿ ಜಾರಿಗಾಗಿ ಸಮೀಕ್ಷೆ ನಡೆಸಲಾಗುತ್ತಿದೆ. ಸಂವಿಧಾನದ 341ನೇ ವಿಧಿಯನ್ವಯ ಪರಿಶಿಷ್ಟ ಜಾತಿಗಳ ಪಟ್ಟಿಯಲ್ಲಿ 101 ಜಾತಿಗಳನ್ನು ಗುರುತಿಸಲಾಗಿದೆ. ಮನೆಮನೆಗೆ ಭೇಟಿ ನೀಡಿ ಸಮೀಕ್ಷೆ ನಡೆಸಲಾಗುತ್ತಿದ್ದು, ಸಾರ್ವಜನಿಕರು ಸರಿಯಾದ ಮಾಹಿತಿ ನೀಡಿ ಸಹಕರಿಸಬೇಕು. ಜಿಲ್ಲಾಧಿಕಾರಿಗಳು ಸೂಚನೆ ನೀಡಿದ್ದು, ಸಂವಿಧಾನದ ಅನುಚ್ಛೇದ 15(4) ಮತ್ತು 16(4) ರ ಪ್ರಕಾರ ಹಿಂದುಳಿದ ವರ್ಗಗಳಿಗೆ ಮೀಸಲಾತಿ ಕಲ್ಪಿಸಲಾಗಿದೆ. ಸಮೀಕ್ಷೆಯ ವೇಳೆ ಆನ್‌ಲೈನ್ ಅರ್ಜಿ ಸಲ್ಲಿಕೆಗೆ ಅವಕಾಶ ಕಲ್ಪಿಸಲಾಗಿದೆ.
ವಿಶ್ವದಲ್ಲಿ ಬಹಳ ದಟ್ಟ ಪ್ರಭಾವ ಬೀರಿರುವ ವ್ಯಕ್ತಿ "ಬುದ್ಧ"
ಹಿಂಸೆ ಯಾವುದೇ ಕಾರಣಕ್ಕೂ ಯಾರನ್ನೂ ಗೆಲ್ಲಿಸಲು ಸಾಧ್ಯವಿಲ್ಲ. ಪ್ರೀತಿಯಿಂದ ಜಗತ್ತನ್ನು ಗೆಲ್ಲಬಹುದು ಎಂದು ಸಾರಿದವರು ಬುದ್ಧ. ಸಾರ್ವಕಾಲಿಕ ಸತ್ಯವನ್ನು ಸಾರಿದ ಬುದ್ಧನ ತತ್ವಗಳು ಇಂದಿಗೂ ಪ್ರಸ್ತುತ ಎಂದು ಹೇಳಿದರು. ಅಹಿಂಸೆ ಮಾರ್ಗದ ಮೂಲಕ ಸಮಾಜದಲ್ಲಿ ಶಾಂತಿ ನೆಲೆಸಲು ಸಾಧ್ಯ.
ಕಾರ್ಯಕ್ರಮದ ಅಧ್ಯಕ್ಷತೆಯನ್ನು ಉಪವಿಭಾಗಾಧಿಕಾರಿ ವಹಿಸಿದ್ದರು. ತಹಶೀಲ್ದಾರ್, ತಾಲೂಕು ಪಂಚಾಯಿತಿ ಕಾರ್ಯನಿರ್ವಾಹಕ ಅಧಿಕಾರಿ, ನಗರಸಭೆ ಅಧ್ಯಕ್ಷರು, ಸದಸ್ಯರು ಹಾಗೂ ಸಮುದಾಯದ ಮುಖಂಡರು ಉಪಸ್ಥಿತರಿದ್ದರು. ಉಪನ್ಯಾಸಕರು ಬುದ್ಧನ ಜೀವನದ ಕುರಿತು ಉಪನ್ಯಾಸ ನೀಡಿದರು.
ಕನ್ನಡನಾಡು ವಾರ್ತೆ
ಚಿತ್ರದುರ್ಗ, ಮೇ.12: ಜಗತ್ತಿನ ಎಲ್ಲಾ ಧರ್ಮ ಗುರುಗಳಲ್ಲಿ ಬುದ್ಧನನ್ನು ಅತ್ಯಂತ ಶ್ರೇಷ್ಠ ಗುರು ಎಂದು ಗುರುತಿಸಲಾಗಿದೆ. ವಿಶ್ವದಲ್ಲಿ ಬಹಳ ದಟ್ಟ ಪ್ರಭಾವ ಬೀರಿರುವ ವ್ಯಕ್ತಿ ಬುದ್ಧ. 2,600 ವರ್ಷಗಳ ಹಿಂದೆ ಬುದ್ಧ ಪ್ರತಿಪಾದಿಸಿದ ತತ್ವಗಳು ಇಂದಿಗೂ ಪ್ರಸ್ತುತವಾಗಿವೆ ಎಂದು ಜಿಲ್ಲಾಧಿಕಾರಿ ಹೇಳಿದರು. ನಗರದ ತರಾಸು ರಂಗಮಂದಿರದಲ್ಲಿ ಜಿಲ್ಲಾಡಳಿತ, ಜಿಲ್ಲಾ ಪಂಚಾಯಿತಿ, ಕನ್ನಡ ಮತ್ತು ಸಂಸ್ಕೃತಿ ಇಲಾಖೆ ಹಾಗೂ ಸಮಾಜ ಕಲ್ಯಾಣ ಇಲಾಖೆ ವತಿಯಿಂದ ಆಯೋಜಿಸಲಾಗಿದ್ದ ಭಗವಾನ್ ಬುದ್ಧ ಜಯಂತಿ ಕಾರ್ಯಕ್ರಮ ಉದ್ಘಾಟಿಸಿ ಅವರು ಮಾತನಾಡಿದರು.
ಹಿಂದೆ ಬುದ್ಧನನ್ನು ದೇವರೆಂದು ಪೂಜಿಸಲಾಗುತ್ತಿತ್ತು. ಬುದ್ಧ ಪ್ರತಿಪಾದಿಸಿದ ಮಾನವೀಯ ಮೌಲ್ಯಗಳಿಂದ ಜನರ ಬದುಕು ಬದಲಾಯಿತು. ಬುದ್ಧನ ಚಿಂತನೆ ವಿಶ್ವದ ಹಲವಾರು ರಾಷ್ಟ್ರಗಳಲ್ಲಿ ಪ್ರಸಾರಗೊಂಡು ಜನಮನದಲ್ಲಿ ನೆಲೆಸಿದೆ. ಅವರು ಸರಳ ಜೀವನ ನಡೆಸಿ ಆದರ್ಶ ಮೆರೆದರು.
ಬುದ್ಧನ ತತ್ವಗಳನ್ನು ಪ್ರತಿಯೊಬ್ಬರು ಜೀವನದಲ್ಲಿ ಅಳವಡಿಸಿಕೊಳ್ಳಬೇಕು. ಬುದ್ಧ, ಬಸವಣ್ಣ, ಅಂಬೇಡ್ಕರ್ ಅವರ ಆದರ್ಶಗಳು ನಮ್ಮೆಲ್ಲರಿಗೂ ದಾರಿದೀಪ. ಸಮಾನತೆ, ಸ್ವಾತಂತ್ರ್ಯ ಮತ್ತು ಭ್ರಾತೃತ್ವದ ತತ್ವಗಳನ್ನು ಬುದ್ಧ ಸಾರಿದರು ಎಂದು ಹೇಳಿದರು. 2,600 ವರ್ಷಗಳ ಹಿಂದೆಯೇ ಸಮಾಜದಲ್ಲಿ ಬದಲಾವಣೆ ತರಲು ಪ್ರಯತ್ನಿಸಿದರು.
ಕಾರ್ಯಕ್ರಮದಲ್ಲಿ ಜಿಲ್ಲಾ ಪಂಚಾಯಿತಿ ಮುಖ್ಯ ಕಾರ್ಯನಿರ್ವಾಹಕ ಅಧಿಕಾರಿ, ಅಪರ ಜಿಲ್ಲಾಧಿಕಾರಿ, ಸಮಾಜ ಕಲ್ಯಾಣ ಇಲಾಖೆ ಉಪನಿರ್ದೇಶಕರು, ಕನ್ನಡ ಮತ್ತು ಸಂಸ್ಕೃತಿ ಇಲಾಖೆ ಸಹಾಯಕ ನಿರ್ದೇಶಕರು, ಮುಖಂಡರು ಸೇರಿದಂತೆ ಸಾರ್ವಜನಿಕರು ಉಪಸ್ಥಿತರಿದ್ದರು.
ಡೆಂಗಿ ನಿಯಂತ್ರಣ ಕುರಿತು
ಪೌರಕಾರ್ಮಿಕರಿಗೆ ತರಬೇತಿ
ಕನ್ನಡನಾಡು ವಾರ್ತೆ
ಚಿತ್ರದುರ್ಗ, ಮೇ.12: ಚಿತ್ರದುರ್ಗ ನಗರದ ಅಂಬೇಡ್ಕರ್ ಕಲ್ಯಾಣ ಮಂಟಪದಲ್ಲಿ ಜಿಲ್ಲಾ ಆರೋಗ್ಯ ಇಲಾಖೆ ವತಿಯಿಂದ ಪೌರಕಾರ್ಮಿಕರಿಗೆ ಡೆಂಗಿ ನಿಯಂತ್ರಣ ಕುರಿತು ತರಬೇತಿ ಕಾರ್ಯಕ್ರಮ ಆಯೋಜಿಸಲಾಗಿತ್ತು. ಡೆಂಗಿ, ಚಿಕೂನ್ ಗುನ್ಯಾ ಹರಡದಂತೆ ಮುಂಜಾಗ್ರತಾ ಕ್ರಮಗಳನ್ನು ಕೈಗೊಳ್ಳಬೇಕು. ಮನೆಯ ಸುತ್ತಮುತ್ತ ನೀರು ನಿಲ್ಲದಂತೆ ಎಚ್ಚರಿಕೆ ವಹಿಸಬೇಕು.
ಜಿಲ್ಲಾ ವೈದ್ಯಾಧಿಕಾರಿಗಳು ಮಾತನಾಡಿ, ಪೌರಕಾರ್ಮಿಕರು ನಗರದ ಸ್ವಚ್ಛತೆ ಕಾಪಾಡುವಲ್ಲಿ ಪ್ರಮುಖ ಪಾತ್ರ ವಹಿಸುತ್ತಾರೆ. ಈಡಿಸ್ ಸೊಳ್ಳೆಗಳು ಸ್ವಚ್ಛ ನೀರಿನಲ್ಲಿ ಮೊಟ್ಟೆ ಇಡುತ್ತವೆ. ನೀರಿನ ತೊಟ್ಟಿ, ಟೈರ್, ತೆಂಗಿನ ಚಿಪ್ಪುಗಳಲ್ಲಿ ನೀರು ನಿಲ್ಲದಂತೆ ನೋಡಿಕೊಳ್ಳಬೇಕು. ವಾರಕ್ಕೊಮ್ಮೆ ಡ್ರೈ ಡೇ ಆಚರಿಸಬೇಕು.
ಜ್ವರ, ತಲೆನೋವು, ಮೈಕೈ ನೋವು ಕಾಣಿಸಿಕೊಂಡರೆ ತಕ್ಷಣ ಸಮೀಪದ ಆರೋಗ್ಯ ಕೇಂದ್ರಕ್ಕೆ ಭೇಟಿ ನೀಡಿ ರಕ್ತ ಪರೀಕ್ಷೆ ಮಾಡಿಸಿಕೊಳ್ಳಬೇಕು. ಸಾರ್ವಜನಿಕರಲ್ಲಿ ಜಾಗೃತಿ ಮೂಡಿಸಬೇಕು ಎಂದರು.
ನಗರಸಭೆ ಆರೋಗ್ಯ ನಿರೀಕ್ಷಕರು, ಕೀಟಶಾಸ್ತ್ರಜ್ಞರು, ಆರೋಗ್ಯ ಸಿಬ್ಬಂದಿ ಹಾಗೂ ಪೌರಕಾರ್ಮಿಕರು ತರಬೇತಿಯಲ್ಲಿ ಭಾಗವಹಿಸಿದ್ದರು.
